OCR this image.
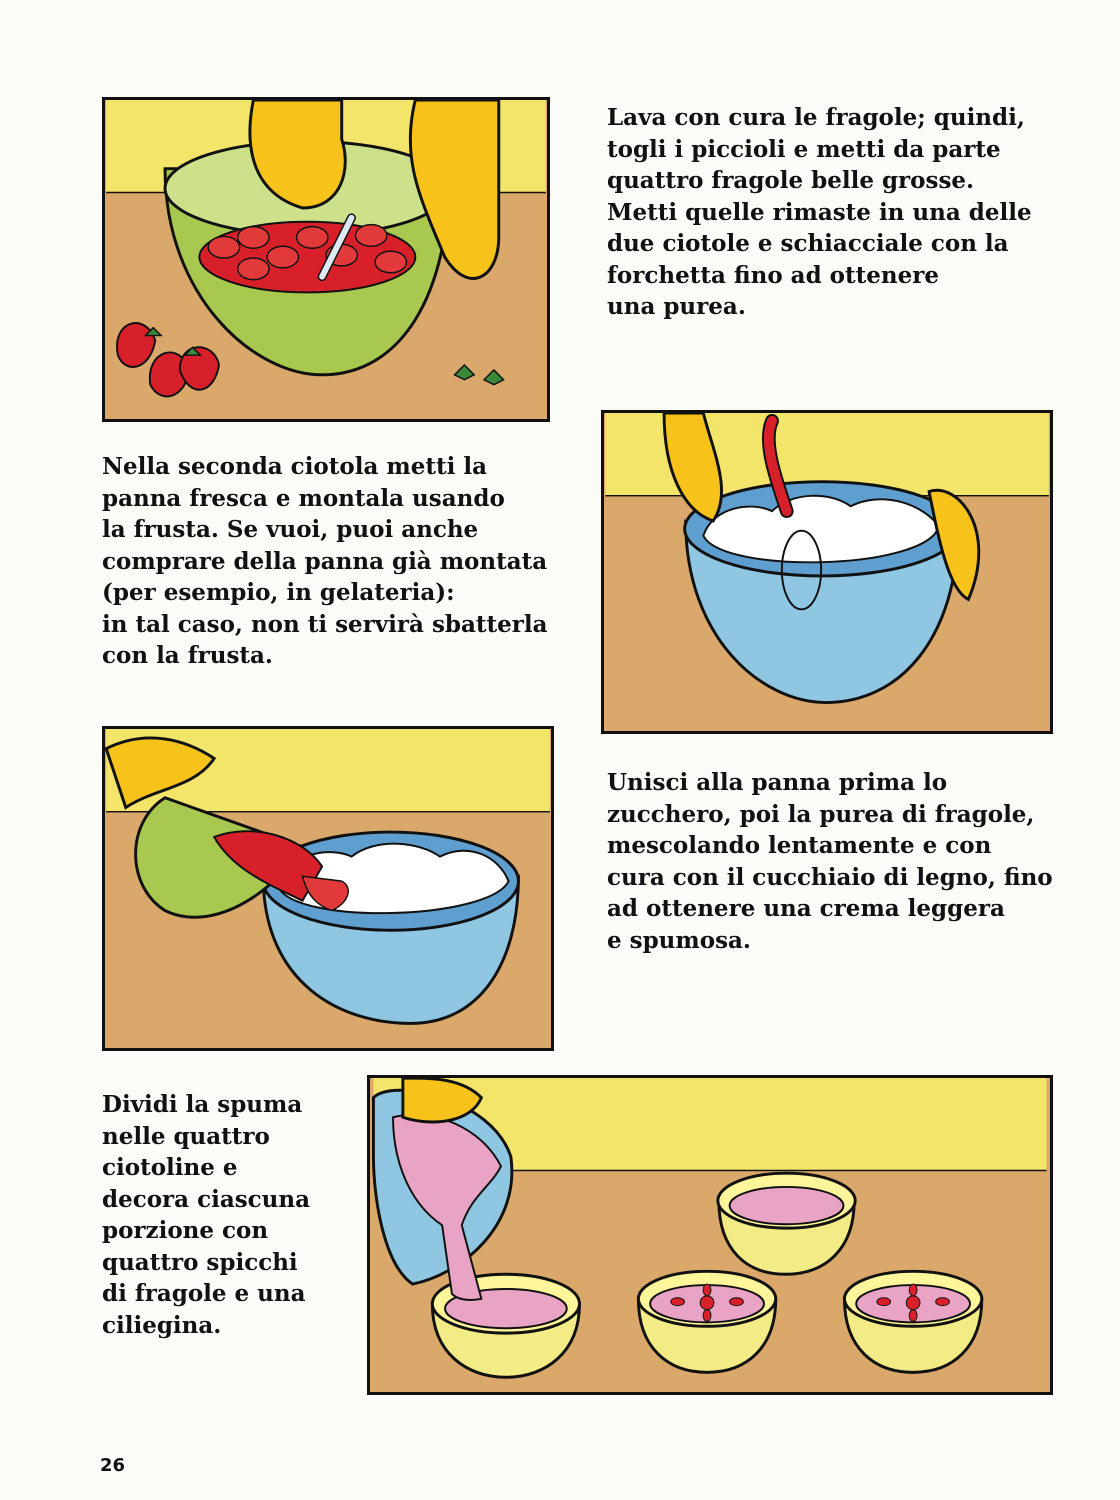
Lava con cura le fragole; quindi,
togli i piccioli e metti da parte
quattro fragole belle grosse.
Metti quelle rimaste in una delle
due ciotole e schiacciale con la
forchetta fino ad ottenere
una purea.

Nella seconda ciotola metti la
panna fresca e montala usando
la frusta. Se vuoi, puoi anche
comprare della panna già montata
(per esempio, in gelateria):
in tal caso, non ti servirà sbatterla
con la frusta.

Unisci alla panna prima lo
zucchero, poi la purea di fragole,
mescolando lentamente e con
cura con il cucchiaio di legno, fino
ad ottenere una crema leggera
e spumosa.

Dividi la spuma
nelle quattro
ciotoline e
decora ciascuna
porzione con
quattro spicchi
di fragole e una
ciliegina.

26
